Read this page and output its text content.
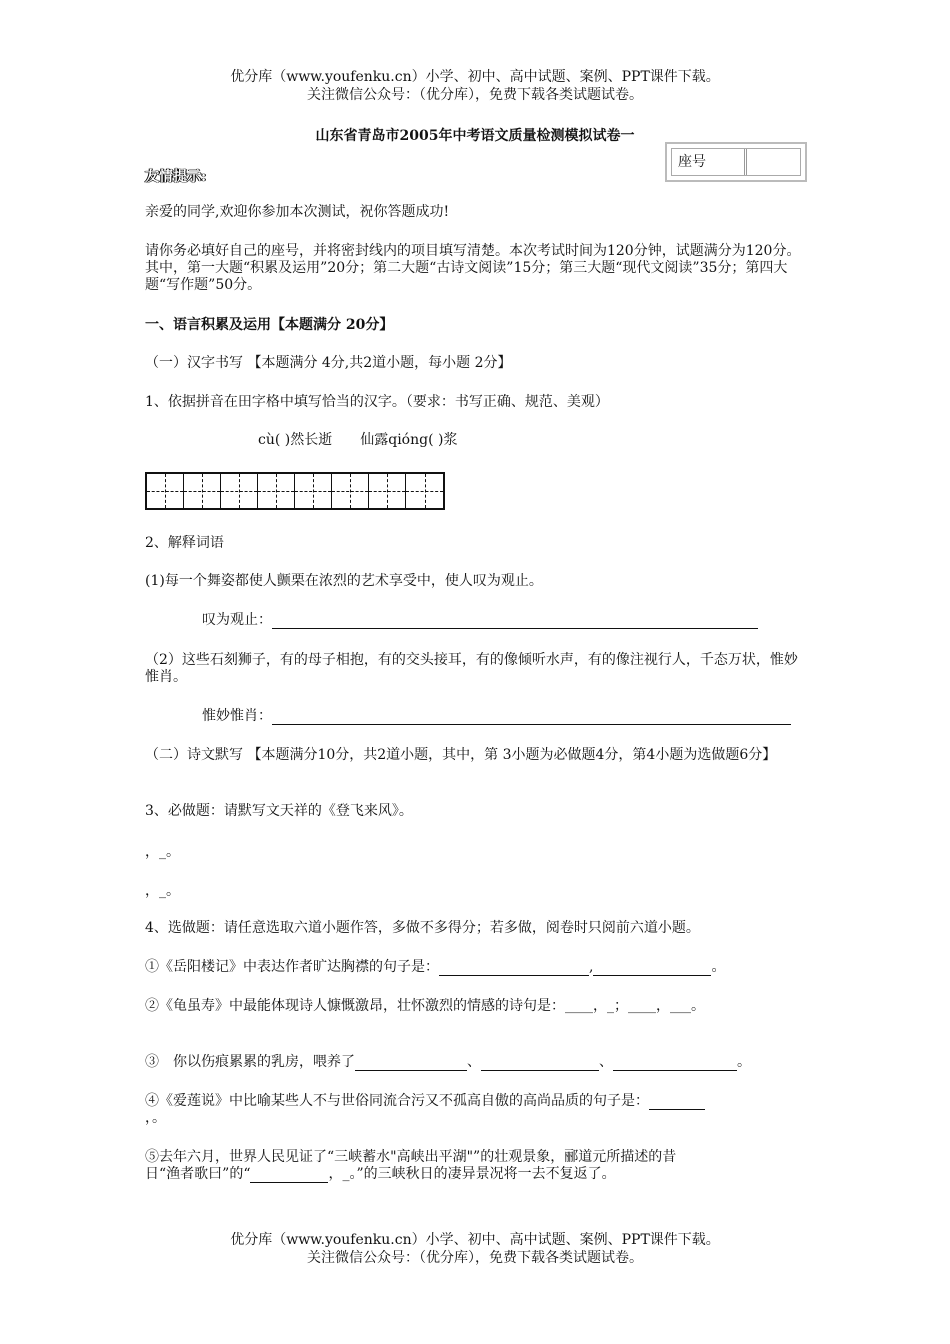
优分库（www.youfenku.cn）小学、初中、高中试题、案例、PPT课件下载。
关注微信公众号：（优分库），免费下载各类试题试卷。
山东省青岛市2005年中考语文质量检测模拟试卷一
座号
友情提示:
亲爱的同学,欢迎你参加本次测试，祝你答题成功!
请你务必填好自己的座号，并将密封线内的项目填写清楚。本次考试时间为120分钟，试题满分为120分。其中，第一大题“积累及运用”20分；第二大题“古诗文阅读”15分；第三大题“现代文阅读”35分；第四大题“写作题”50分。
一、语言积累及运用【本题满分 20分】
（一）汉字书写 【本题满分 4分,共2道小题，每小题 2分】
1、依据拼音在田字格中填写恰当的汉字。（要求：书写正确、规范、美观）
cù( )然长逝　　仙露qióng( )浆
2、解释词语
(1)每一个舞姿都使人颤栗在浓烈的艺术享受中，使人叹为观止。
叹为观止：
（2）这些石刻狮子，有的母子相抱，有的交头接耳，有的像倾听水声，有的像注视行人，千态万状，惟妙惟肖。
惟妙惟肖：
（二）诗文默写 【本题满分10分，共2道小题，其中，第 3小题为必做题4分，第4小题为选做题6分】
3、必做题：请默写文天祥的《登飞来风》。
，_。
，_。
4、选做题：请任意选取六道小题作答，多做不多得分；若多做，阅卷时只阅前六道小题。
①《岳阳楼记》中表达作者旷达胸襟的句子是：	,	。
②《龟虽寿》中最能体现诗人慷慨激昂，壮怀激烈的情感的诗句是：____，_；____，___。
③　你以伤痕累累的乳房，喂养了	、	、	。
④《爱莲说》中比喻某些人不与世俗同流合污又不孤高自傲的高尚品质的句子是：
，。
⑤去年六月，世界人民见证了“三峡蓄水"高峡出平湖"”的壮观景象，郦道元所描述的昔
日“渔者歌曰”的“	，_。”的三峡秋日的凄异景况将一去不复返了。
优分库（www.youfenku.cn）小学、初中、高中试题、案例、PPT课件下载。
关注微信公众号：（优分库），免费下载各类试题试卷。
